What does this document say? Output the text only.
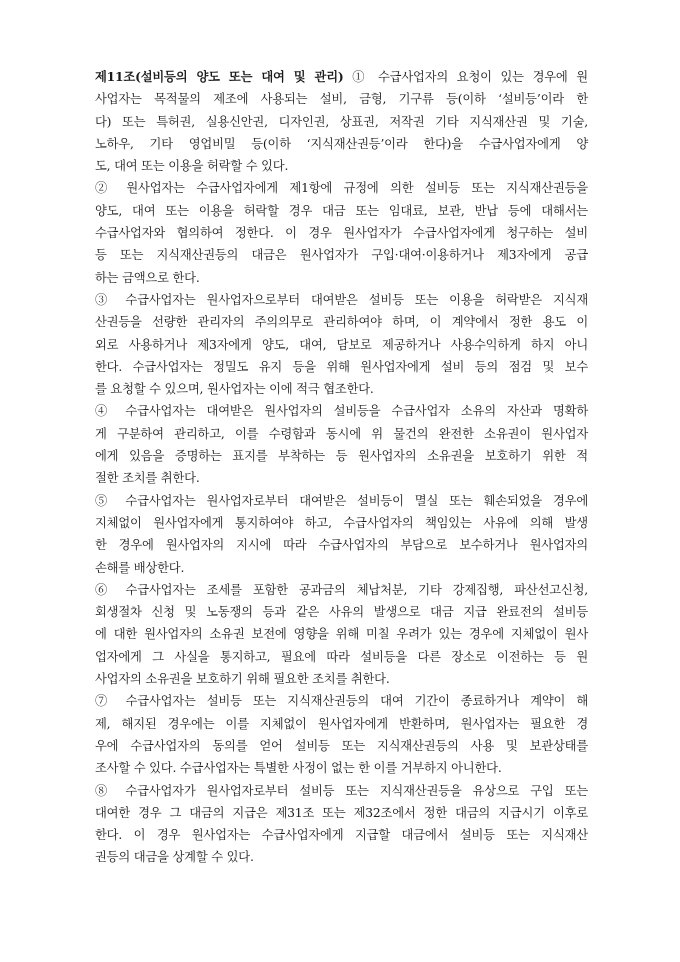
제11조(설비등의 양도 또는 대여 및 관리) ① 수급사업자의 요청이 있는 경우에 원
사업자는 목적물의 제조에 사용되는 설비, 금형, 기구류 등(이하 ‘설비등’이라 한
다) 또는 특허권, 실용신안권, 디자인권, 상표권, 저작권 기타 지식재산권 및 기술,
노하우, 기타 영업비밀 등(이하 ‘지식재산권등’이라 한다)을 수급사업자에게 양
도, 대여 또는 이용을 허락할 수 있다.
② 원사업자는 수급사업자에게 제1항에 규정에 의한 설비등 또는 지식재산권등을
양도, 대여 또는 이용을 허락할 경우 대금 또는 임대료, 보관, 반납 등에 대해서는
수급사업자와 협의하여 정한다. 이 경우 원사업자가 수급사업자에게 청구하는 설비
등 또는 지식재산권등의 대금은 원사업자가 구입·대여·이용하거나 제3자에게 공급
하는 금액으로 한다.
③ 수급사업자는 원사업자으로부터 대여받은 설비등 또는 이용을 허락받은 지식재
산권등을 선량한 관리자의 주의의무로 관리하여야 하며, 이 계약에서 정한 용도 이
외로 사용하거나 제3자에게 양도, 대여, 담보로 제공하거나 사용수익하게 하지 아니
한다. 수급사업자는 정밀도 유지 등을 위해 원사업자에게 설비 등의 점검 및 보수
를 요청할 수 있으며, 원사업자는 이에 적극 협조한다.
④ 수급사업자는 대여받은 원사업자의 설비등을 수급사업자 소유의 자산과 명확하
게 구분하여 관리하고, 이를 수령함과 동시에 위 물건의 완전한 소유권이 원사업자
에게 있음을 증명하는 표지를 부착하는 등 원사업자의 소유권을 보호하기 위한 적
절한 조치를 취한다.
⑤ 수급사업자는 원사업자로부터 대여받은 설비등이 멸실 또는 훼손되었을 경우에
지체없이 원사업자에게 통지하여야 하고, 수급사업자의 책임있는 사유에 의해 발생
한 경우에 원사업자의 지시에 따라 수급사업자의 부담으로 보수하거나 원사업자의
손해를 배상한다.
⑥ 수급사업자는 조세를 포함한 공과금의 체납처분, 기타 강제집행, 파산선고신청,
회생절차 신청 및 노동쟁의 등과 같은 사유의 발생으로 대금 지급 완료전의 설비등
에 대한 원사업자의 소유권 보전에 영향을 위해 미칠 우려가 있는 경우에 지체없이 원사
업자에게 그 사실을 통지하고, 필요에 따라 설비등을 다른 장소로 이전하는 등 원
사업자의 소유권을 보호하기 위해 필요한 조치를 취한다.
⑦ 수급사업자는 설비등 또는 지식재산권등의 대여 기간이 종료하거나 계약이 해
제, 해지된 경우에는 이를 지체없이 원사업자에게 반환하며, 원사업자는 필요한 경
우에 수급사업자의 동의를 얻어 설비등 또는 지식재산권등의 사용 및 보관상태를
조사할 수 있다. 수급사업자는 특별한 사정이 없는 한 이를 거부하지 아니한다.
⑧ 수급사업자가 원사업자로부터 설비등 또는 지식재산권등을 유상으로 구입 또는
대여한 경우 그 대금의 지급은 제31조 또는 제32조에서 정한 대금의 지급시기 이후로
한다. 이 경우 원사업자는 수급사업자에게 지급할 대금에서 설비등 또는 지식재산
권등의 대금을 상계할 수 있다.
